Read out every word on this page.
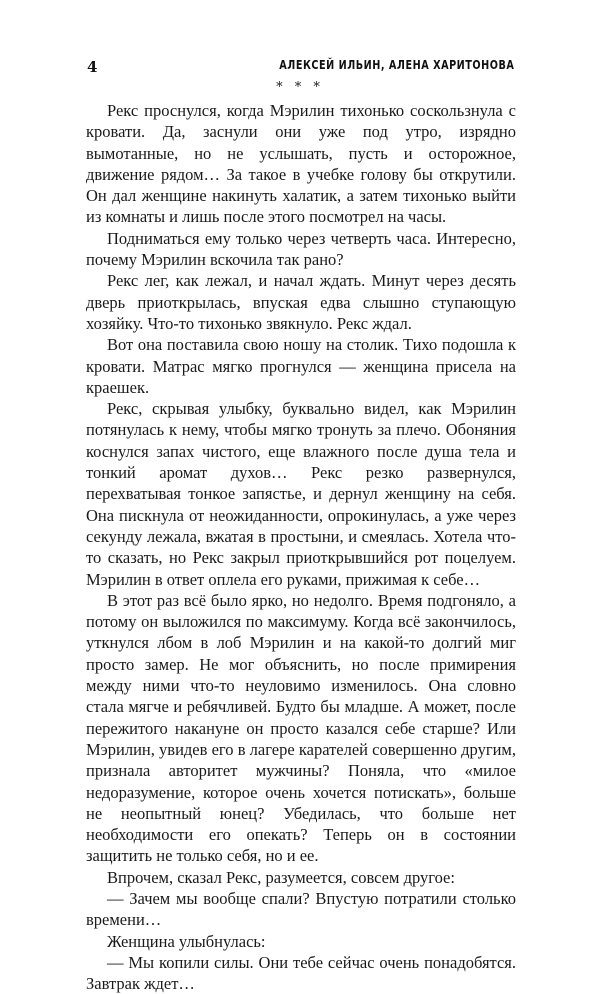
4	АЛЕКСЕЙ ИЛЬИН, АЛЕНА ХАРИТОНОВА
* * *

Рекс проснулся, когда Мэрилин тихонько соскользнула с кровати. Да, заснули они уже под утро, изрядно вымотанные, но не услышать, пусть и осторожное, движение рядом… За такое в учебке голову бы открутили. Он дал женщине накинуть халатик, а затем тихонько выйти из комнаты и лишь после этого посмотрел на часы.

Подниматься ему только через четверть часа. Интересно, почему Мэрилин вскочила так рано?

Рекс лег, как лежал, и начал ждать. Минут через десять дверь приоткрылась, впуская едва слышно ступающую хозяйку. Что-то тихонько звякнуло. Рекс ждал.

Вот она поставила свою ношу на столик. Тихо подошла к кровати. Матрас мягко прогнулся — женщина присела на краешек.

Рекс, скрывая улыбку, буквально видел, как Мэрилин потянулась к нему, чтобы мягко тронуть за плечо. Обоняния коснулся запах чистого, еще влажного после душа тела и тонкий аромат духов… Рекс резко развернулся, перехватывая тонкое запястье, и дернул женщину на себя. Она пискнула от неожиданности, опрокинулась, а уже через секунду лежала, вжатая в простыни, и смеялась. Хотела что-то сказать, но Рекс закрыл приоткрывшийся рот поцелуем. Мэрилин в ответ оплела его руками, прижимая к себе…

В этот раз всё было ярко, но недолго. Время подгоняло, а потому он выложился по максимуму. Когда всё закончилось, уткнулся лбом в лоб Мэрилин и на какой-то долгий миг просто замер. Не мог объяснить, но после примирения между ними что-то неуловимо изменилось. Она словно стала мягче и ребячливей. Будто бы младше. А может, после пережитого накануне он просто казался себе старше? Или Мэрилин, увидев его в лагере карателей совершенно другим, признала авторитет мужчины? Поняла, что «милое недоразумение, которое очень хочется потискать», больше не неопытный юнец? Убедилась, что больше нет необходимости его опекать? Теперь он в состоянии защитить не только себя, но и ее.

Впрочем, сказал Рекс, разумеется, совсем другое:

— Зачем мы вообще спали? Впустую потратили столько времени…

Женщина улыбнулась:

— Мы копили силы. Они тебе сейчас очень понадобятся. Завтрак ждет…
